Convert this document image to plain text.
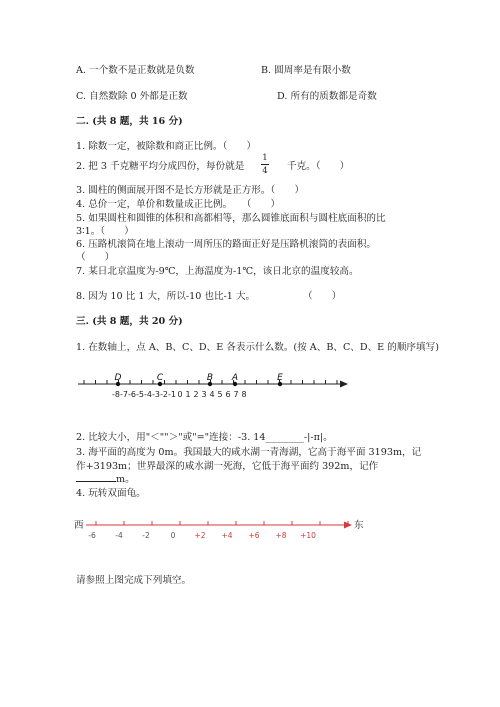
A. 一个数不是正数就是负数	B. 圆周率是有限小数
C. 自然数除 0 外都是正数	D. 所有的质数都是奇数
二. (共 8 题，共 16 分)
1. 除数一定，被除数和商正比例。（　　）
2. 把 3 千克糖平均分成四份，每份就是
1
4 千克。（　　）
3. 圆柱的侧面展开图不是长方形就是正方形。（　　）
4. 总价一定，单价和数量成正比例。　　（　　）
5. 如果圆柱和圆锥的体积和高都相等，那么圆锥底面积与圆柱底面积的比
3∶1。（　　）
6. 压路机滚筒在地上滚动一周所压的路面正好是压路机滚筒的表面积。
（　　）
7. 某日北京温度为-9℃，上海温度为-1℃，该日北京的温度较高。
8. 因为 10 比 1 大，所以-10 也比-1 大。	（　　）
三. (共 8 题，共 20 分)
1. 在数轴上，点 A、B、C、D、E 各表示什么数。(按 A、B、C、D、E 的顺序填写)
-8 -7 -6 -5 -4 -3 -2 -1 0 1 2 3 4 5 6 7 8
D	C	B A	E
2. 比较大小，用"＜""＞"或"="连接：-3. 14________-|-π|。
3. 海平面的高度为 0m。我国最大的咸水湖一青海湖，它高于海平面 3193m，记
作+3193m；世界最深的咸水湖一死海，它低于海平面约 392m，记作
m。
4. 玩转双面龟。
西	东
-6	-4	-2	0	+2 +4 +6 +8 +10
请参照上图完成下列填空。
